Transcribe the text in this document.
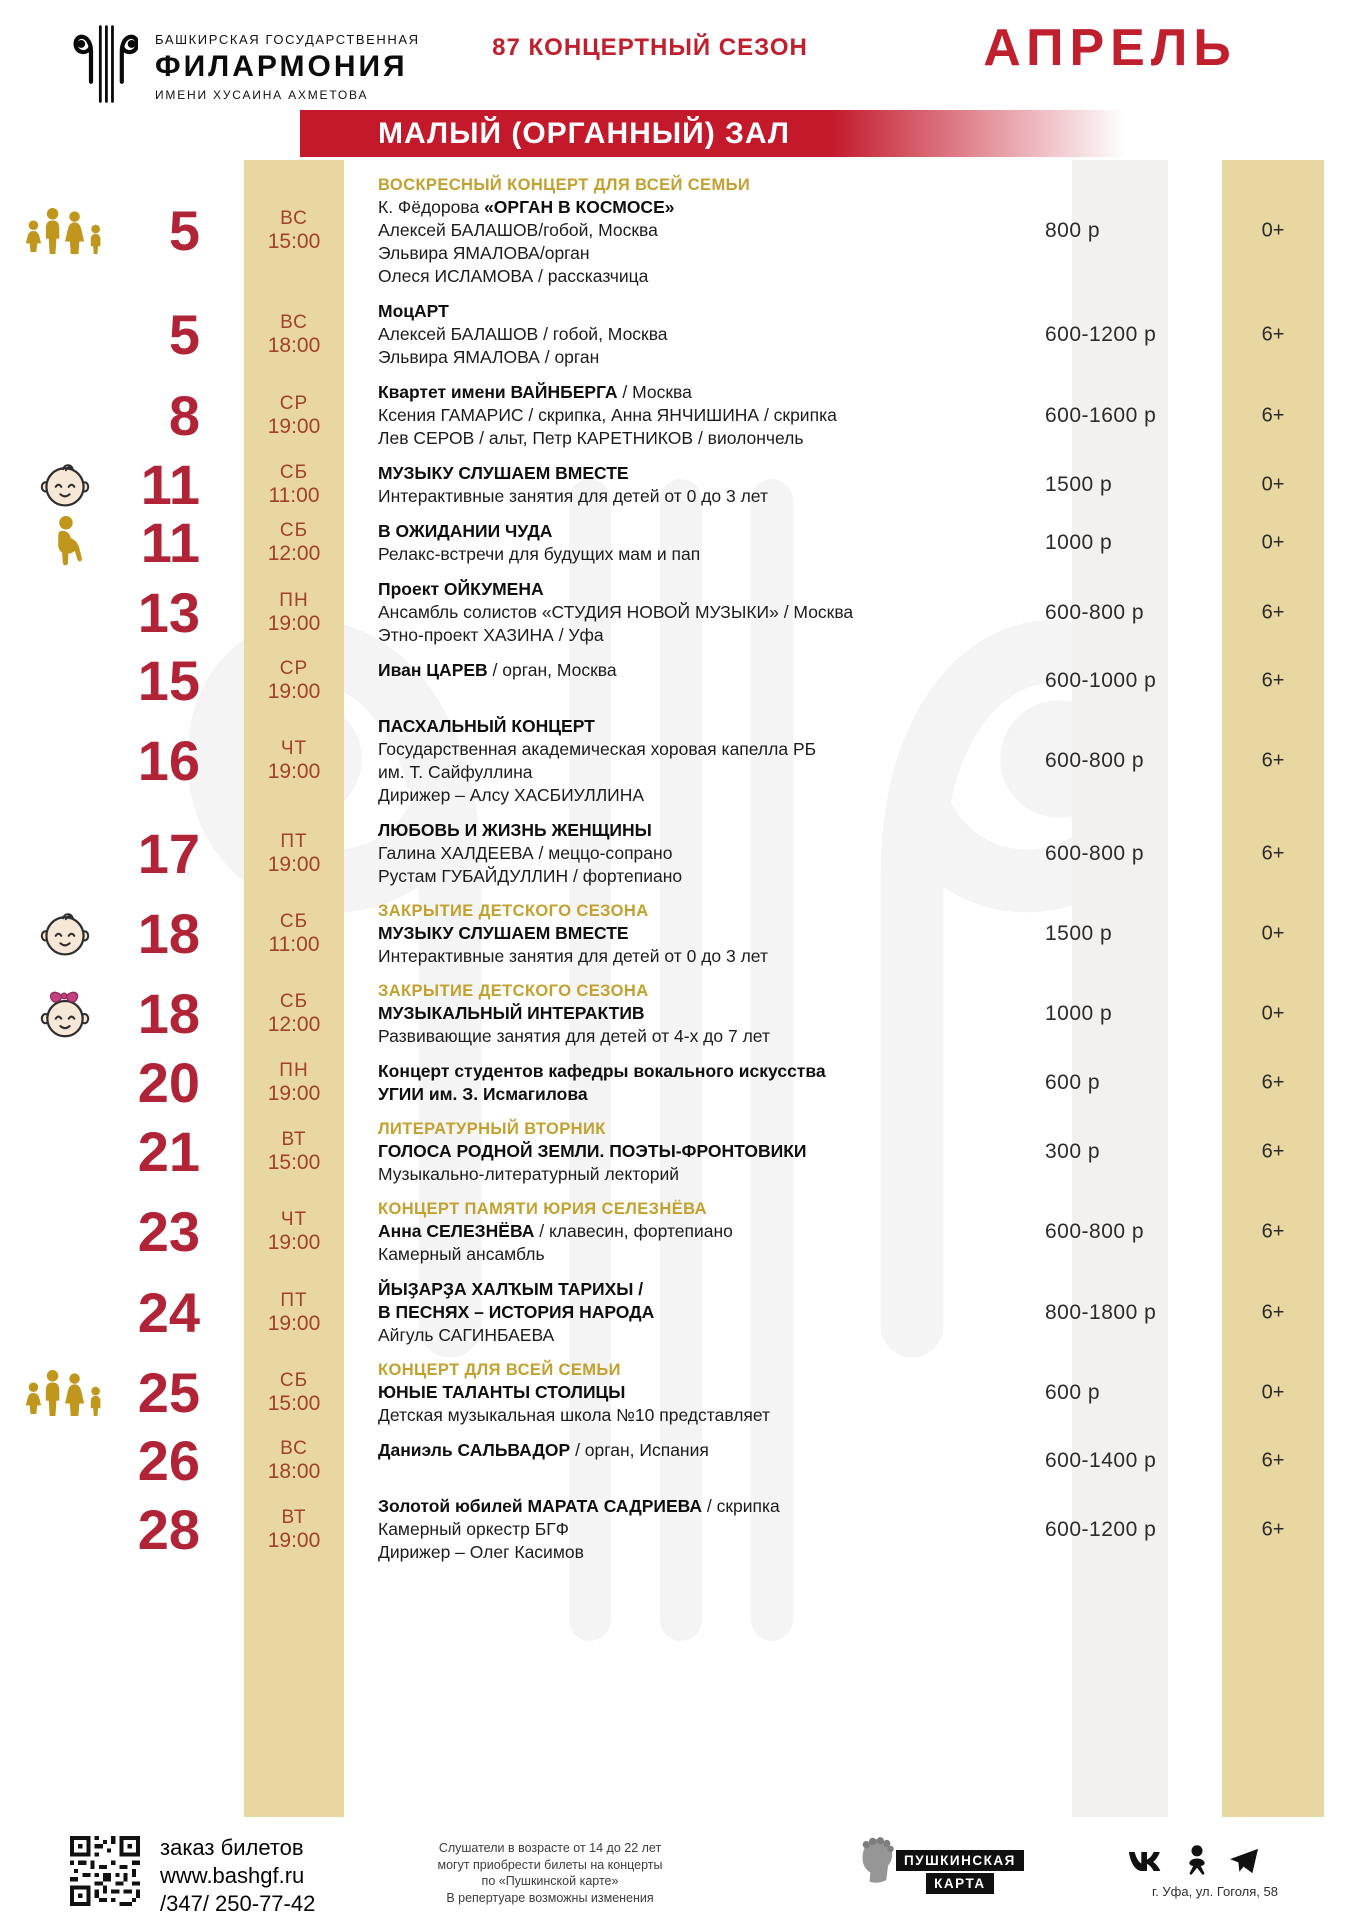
БАШКИРСКАЯ ГОСУДАРСТВЕННАЯ
ФИЛАРМОНИЯ
ИМЕНИ ХУСАИНА АХМЕТОВА
87 КОНЦЕРТНЫЙ СЕЗОН	АПРЕЛЬ
МАЛЫЙ (ОРГАННЫЙ) ЗАЛ
5	ВС
15:00
ВОСКРЕСНЫЙ КОНЦЕРТ ДЛЯ ВСЕЙ СЕМЬИ
К. Фёдорова «ОРГАН В КОСМОСЕ»
Алексей БАЛАШОВ/гобой, Москва
Эльвира ЯМАЛОВА/орган
Олеся ИСЛАМОВА / рассказчица
800 р	0+
5	ВС
18:00
МоцАРТ
Алексей БАЛАШОВ / гобой, Москва
Эльвира ЯМАЛОВА / орган
600-1200 р	6+
8	СР
19:00
Квартет имени ВАЙНБЕРГА / Москва
Ксения ГАМАРИС / скрипка, Анна ЯНЧИШИНА / скрипка
Лев СЕРОВ / альт, Петр КАРЕТНИКОВ / виолончель
600-1600 р	6+
11	СБ
11:00
МУЗЫКУ СЛУШАЕМ ВМЕСТЕ
Интерактивные занятия для детей от 0 до 3 лет	1500 р	0+
11	СБ
12:00
В ОЖИДАНИИ ЧУДА
Релакс-встречи для будущих мам и пап	1000 р	0+
13	ПН
19:00
Проект ОЙКУМЕНА
Ансамбль солистов «СТУДИЯ НОВОЙ МУЗЫКИ» / Москва
Этно-проект ХАЗИНА / Уфа
600-800 р	6+
15	СР
19:00
Иван ЦАРЕВ / орган, Москва	600-1000 р	6+
16	ЧТ
19:00
ПАСХАЛЬНЫЙ КОНЦЕРТ
Государственная академическая хоровая капелла РБ
им. Т. Сайфуллина
Дирижер – Алсу ХАСБИУЛЛИНА
600-800 р	6+
17	ПТ
19:00
ЛЮБОВЬ И ЖИЗНЬ ЖЕНЩИНЫ
Галина ХАЛДЕЕВА / меццо-сопрано
Рустам ГУБАЙДУЛЛИН / фортепиано
600-800 р	6+
18	СБ
11:00
ЗАКРЫТИЕ ДЕТСКОГО СЕЗОНА
МУЗЫКУ СЛУШАЕМ ВМЕСТЕ
Интерактивные занятия для детей от 0 до 3 лет
1500 р	0+
18	СБ
12:00
ЗАКРЫТИЕ ДЕТСКОГО СЕЗОНА
МУЗЫКАЛЬНЫЙ ИНТЕРАКТИВ
Развивающие занятия для детей от 4-х до 7 лет
1000 р	0+
20	ПН
19:00
Концерт студентов кафедры вокального искусства
УГИИ им. З. Исмагилова	600 р	6+
21	ВТ
15:00
ЛИТЕРАТУРНЫЙ ВТОРНИК
ГОЛОСА РОДНОЙ ЗЕМЛИ. ПОЭТЫ-ФРОНТОВИКИ
Музыкально-литературный лекторий
300 р	6+
23	ЧТ
19:00
КОНЦЕРТ ПАМЯТИ ЮРИЯ СЕЛЕЗНЁВА
Анна СЕЛЕЗНЁВА / клавесин, фортепиано
Камерный ансамбль
600-800 р	6+
24	ПТ
19:00
ЙЫҘАРҘА ХАЛҠЫМ ТАРИХЫ /
В ПЕСНЯХ – ИСТОРИЯ НАРОДА
Айгуль САГИНБАЕВА
800-1800 р	6+
25	СБ
15:00
КОНЦЕРТ ДЛЯ ВСЕЙ СЕМЬИ
ЮНЫЕ ТАЛАНТЫ СТОЛИЦЫ
Детская музыкальная школа №10 представляет
600 р	0+
26	ВС
18:00
Даниэль САЛЬВАДОР / орган, Испания	600-1400 р	6+
28	ВТ
19:00
Золотой юбилей МАРАТА САДРИЕВА / скрипка
Камерный оркестр БГФ
Дирижер – Олег Касимов
600-1200 р	6+
заказ билетов
www.bashgf.ru
/347/ 250-77-42
Слушатели в возрасте от 14 до 22 лет
могут приобрести билеты на концерты
по «Пушкинской карте»
В репертуаре возможны изменения
ПУШКИНСКАЯ
КАРТА
г. Уфа, ул. Гоголя, 58
